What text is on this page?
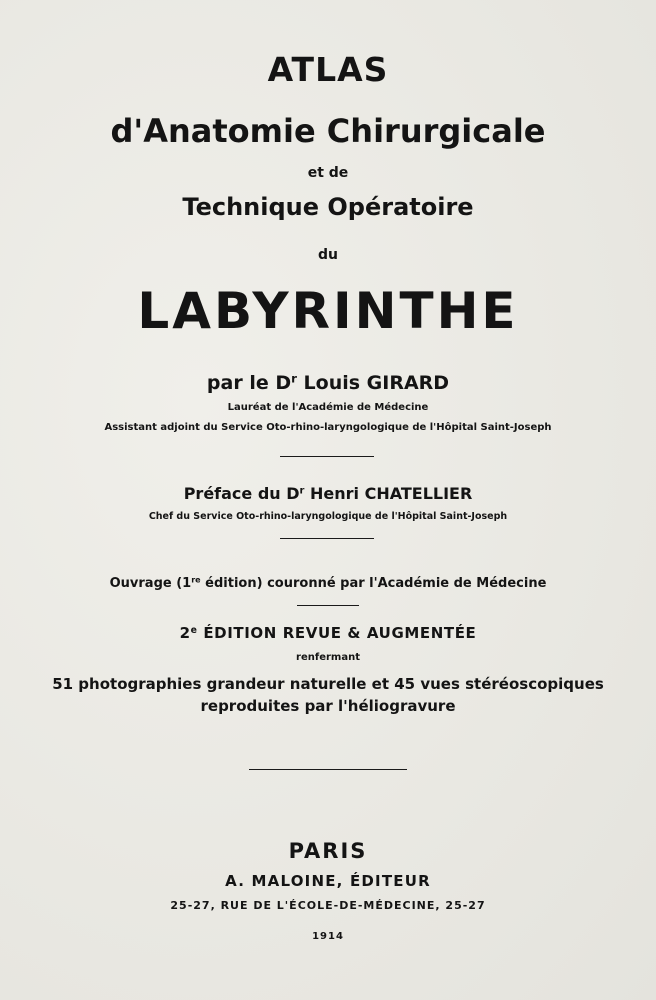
ATLAS
d'Anatomie Chirurgicale
et de
Technique Opératoire
du
LABYRINTHE
par le $D^r$ Louis GIRARD
Lauréat de l'Académie de Médecine
Assistant adjoint du Service Oto-rhino-laryngologique de l'Hôpital Saint-Joseph
Préface du $D^r$ Henri CHATELLIER
Chef du Service Oto-rhino-laryngologique de l'Hôpital Saint-Joseph
Ouvrage (1re édition) couronné par l'Académie de Médecine
2e ÉDITION REVUE & AUGMENTÉE
renfermant
51 photographies grandeur naturelle et 45 vues stéréoscopiques
reproduites par l'héliogravure
PARIS
A. MALOINE, ÉDITEUR
25-27, RUE DE L'ÉCOLE-DE-MÉDECINE, 25-27
1914
